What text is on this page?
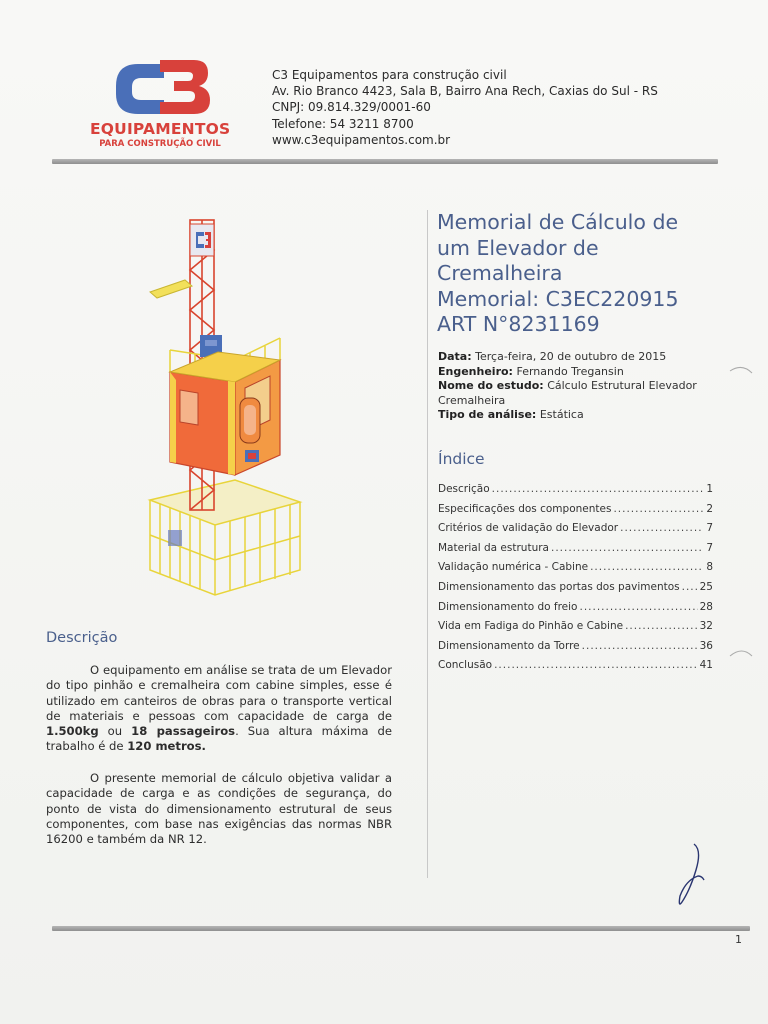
EQUIPAMENTOS
PARA CONSTRUÇÃO CIVIL
C3 Equipamentos para construção civil
Av. Rio Branco 4423, Sala B, Bairro Ana Rech, Caxias do Sul - RS
CNPJ: 09.814.329/0001-60
Telefone: 54 3211 8700
www.c3equipamentos.com.br
Memorial de Cálculo de
um Elevador de
Cremalheira
Memorial: C3EC220915
ART N°8231169
Data: Terça-feira, 20 de outubro de 2015
Engenheiro: Fernando Tregansin
Nome do estudo: Cálculo Estrutural Elevador Cremalheira
Tipo de análise: Estática
Índice
Descrição .....	1
Especificações dos componentes .....	2
Critérios de validação do Elevador .....	7
Material da estrutura .....	7
Validação numérica - Cabine .....	8
Dimensionamento das portas dos pavimentos ..... 25
Dimensionamento do freio .....	28
Vida em Fadiga do Pinhão e Cabine .....	32
Dimensionamento da Torre .....	36
Conclusão .....	41
Descrição
O equipamento em análise se trata de um Elevador do tipo pinhão e cremalheira com cabine simples, esse é utilizado em canteiros de obras para o transporte vertical de materiais e pessoas com capacidade de carga de 1.500kg ou 18 passageiros. Sua altura máxima de trabalho é de 120 metros.
O presente memorial de cálculo objetiva validar a capacidade de carga e as condições de segurança, do ponto de vista do dimensionamento estrutural de seus componentes, com base nas exigências das normas NBR 16200 e também da NR 12.
1
